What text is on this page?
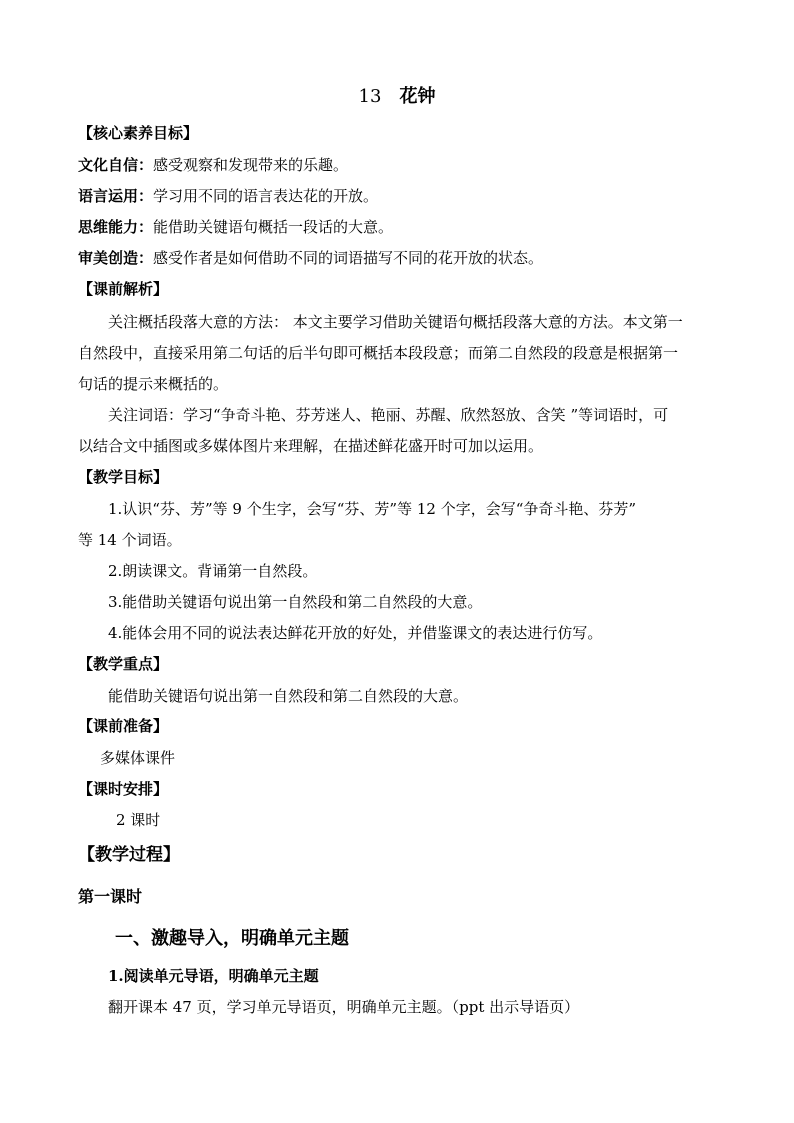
13 花钟
【核心素养目标】
文化自信：感受观察和发现带来的乐趣。
语言运用：学习用不同的语言表达花的开放。
思维能力：能借助关键语句概括一段话的大意。
审美创造：感受作者是如何借助不同的词语描写不同的花开放的状态。
【课前解析】
关注概括段落大意的方法： 本文主要学习借助关键语句概括段落大意的方法。本文第一
自然段中，直接采用第二句话的后半句即可概括本段段意；而第二自然段的段意是根据第一
句话的提示来概括的。
关注词语：学习“争奇斗艳、芬芳迷人、艳丽、苏醒、欣然怒放、含笑 ”等词语时，可
以结合文中插图或多媒体图片来理解，在描述鲜花盛开时可加以运用。
【教学目标】
1.认识“芬、芳”等 9 个生字，会写“芬、芳”等 12 个字，会写“争奇斗艳、芬芳”
等 14 个词语。
2.朗读课文。背诵第一自然段。
3.能借助关键语句说出第一自然段和第二自然段的大意。
4.能体会用不同的说法表达鲜花开放的好处，并借鉴课文的表达进行仿写。
【教学重点】
能借助关键语句说出第一自然段和第二自然段的大意。
【课前准备】
多媒体课件
【课时安排】
2 课时
【教学过程】
第一课时
一、激趣导入，明确单元主题
1.阅读单元导语，明确单元主题
翻开课本 47 页，学习单元导语页，明确单元主题。（ppt 出示导语页）
